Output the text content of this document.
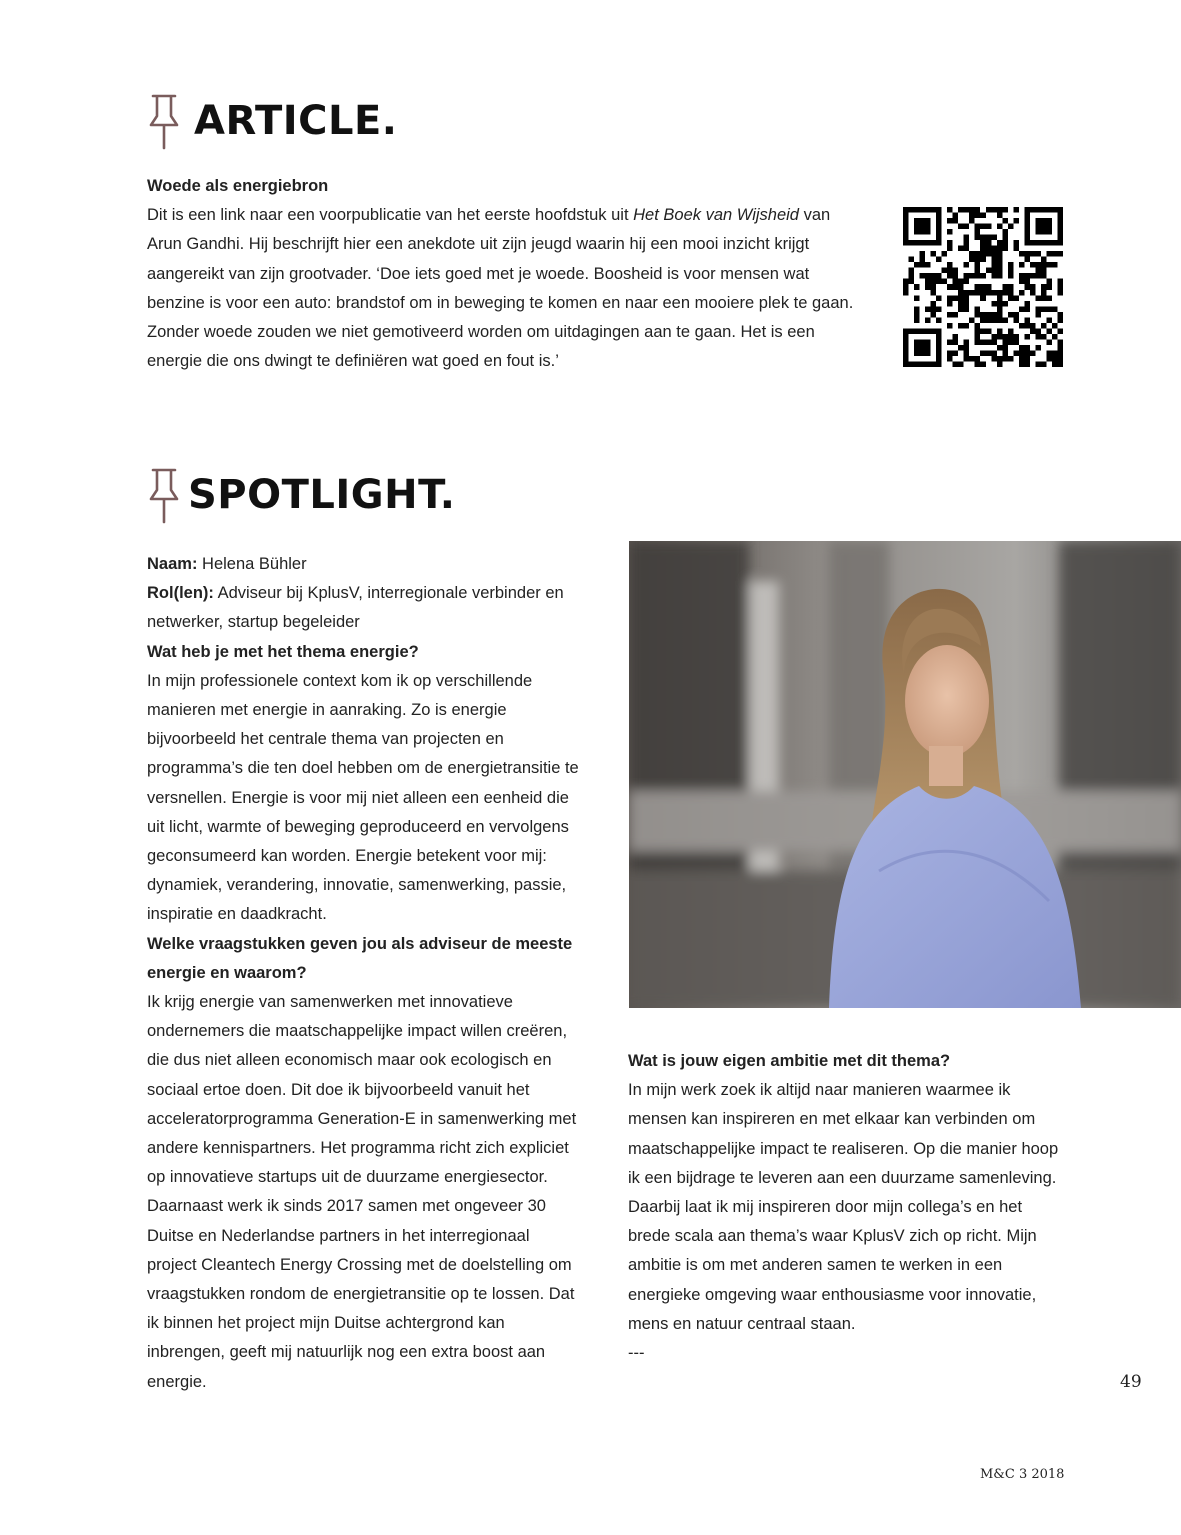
ARTICLE.

Woede als energiebron

Dit is een link naar een voorpublicatie van het eerste hoofdstuk uit Het Boek van Wijsheid van Arun Gandhi. Hij beschrijft hier een anekdote uit zijn jeugd waarin hij een mooi inzicht krijgt aangereikt van zijn grootvader. ‘Doe iets goed met je woede. Boosheid is voor mensen wat benzine is voor een auto: brandstof om in beweging te komen en naar een mooiere plek te gaan. Zonder woede zouden we niet gemotiveerd worden om uitdagingen aan te gaan. Het is een energie die ons dwingt te definiëren wat goed en fout is.’

SPOTLIGHT.

Naam: Helena Bühler

Rol(len): Adviseur bij KplusV, interregionale verbinder en netwerker, startup begeleider

Wat heb je met het thema energie?

In mijn professionele context kom ik op verschillende manieren met energie in aanraking. Zo is energie bijvoorbeeld het centrale thema van projecten en programma’s die ten doel hebben om de energietransitie te versnellen. Energie is voor mij niet alleen een eenheid die uit licht, warmte of beweging geproduceerd en vervolgens geconsumeerd kan worden. Energie betekent voor mij: dynamiek, verandering, innovatie, samenwerking, passie, inspiratie en daadkracht.

Welke vraagstukken geven jou als adviseur de meeste energie en waarom?

Ik krijg energie van samenwerken met innovatieve ondernemers die maatschappelijke impact willen creëren, die dus niet alleen economisch maar ook ecologisch en sociaal ertoe doen. Dit doe ik bijvoorbeeld vanuit het acceleratorprogramma Generation-E in samenwerking met andere kennispartners. Het programma richt zich expliciet op innovatieve startups uit de duurzame energiesector. Daarnaast werk ik sinds 2017 samen met ongeveer 30 Duitse en Nederlandse partners in het interregionaal project Cleantech Energy Crossing met de doelstelling om vraagstukken rondom de energietransitie op te lossen. Dat ik binnen het project mijn Duitse achtergrond kan inbrengen, geeft mij natuurlijk nog een extra boost aan energie.

Wat is jouw eigen ambitie met dit thema?

In mijn werk zoek ik altijd naar manieren waarmee ik mensen kan inspireren en met elkaar kan verbinden om maatschappelijke impact te realiseren. Op die manier hoop ik een bijdrage te leveren aan een duurzame samenleving. Daarbij laat ik mij inspireren door mijn collega’s en het brede scala aan thema’s waar KplusV zich op richt. Mijn ambitie is om met anderen samen te werken in een energieke omgeving waar enthousiasme voor innovatie, mens en natuur centraal staan.

---

49
M&C 3 2018
